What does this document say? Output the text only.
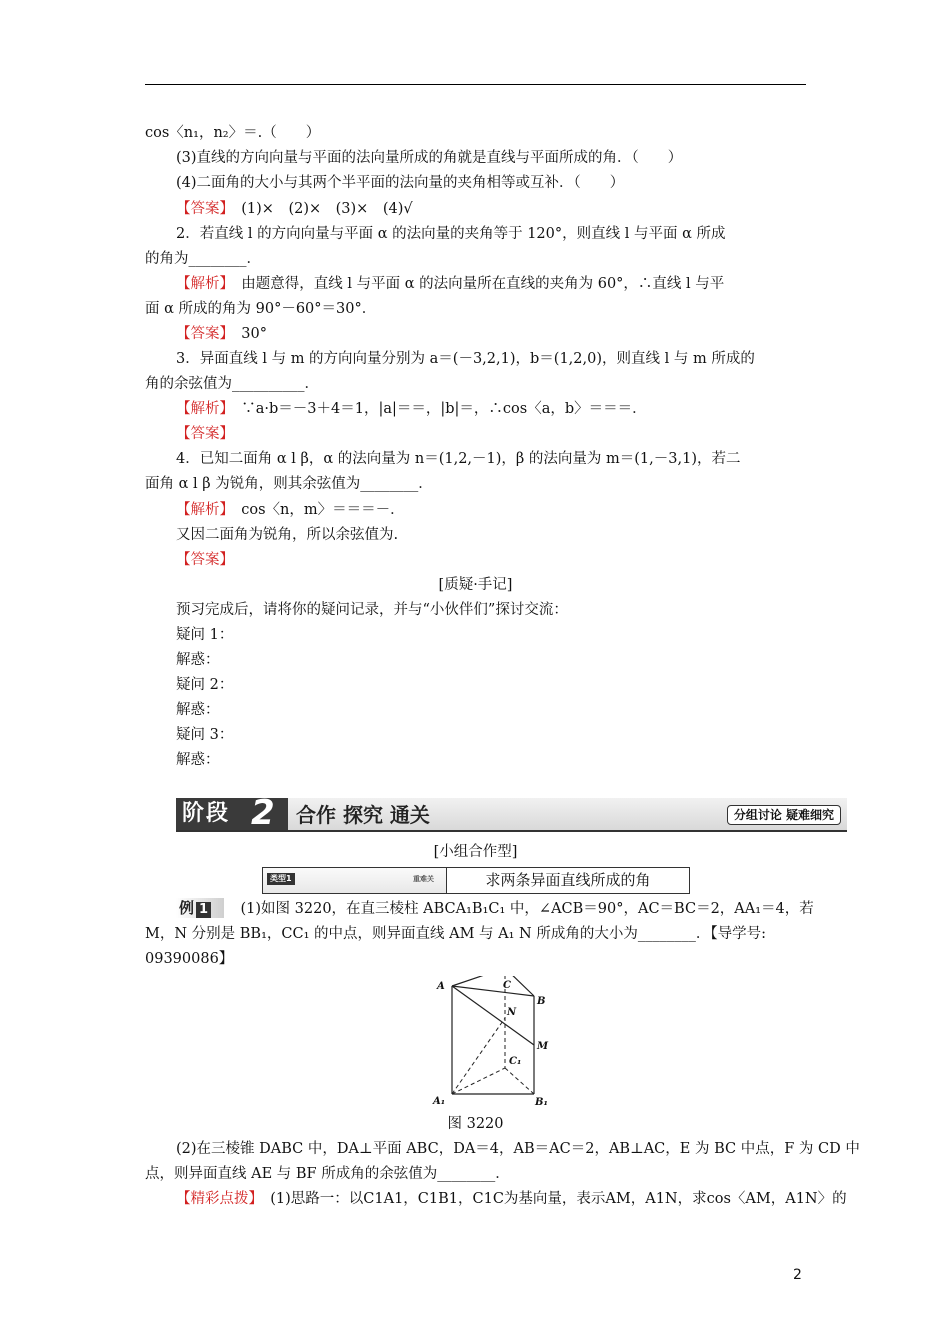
cos〈n₁，n₂〉＝.（　　）
(3)直线的方向向量与平面的法向量所成的角就是直线与平面所成的角．（　　）
(4)二面角的大小与其两个半平面的法向量的夹角相等或互补．（　　）
【答案】　(1)×　(2)×　(3)×　(4)√
2．若直线 l 的方向向量与平面 α 的法向量的夹角等于 120°，则直线 l 与平面 α 所成
的角为________．
【解析】　由题意得，直线 l 与平面 α 的法向量所在直线的夹角为 60°，∴直线 l 与平
面 α 所成的角为 90°－60°＝30°．
【答案】　30°
3．异面直线 l 与 m 的方向向量分别为 a＝(－3,2,1)，b＝(1,2,0)，则直线 l 与 m 所成的
角的余弦值为__________．
【解析】　∵a·b＝－3＋4＝1，|a|＝＝，|b|＝，∴cos〈a，b〉＝＝＝．
【答案】
4．已知二面角 α l β，α 的法向量为 n＝(1,2,－1)，β 的法向量为 m＝(1,－3,1)，若二
面角 α l β 为锐角，则其余弦值为________．
【解析】　cos〈n，m〉＝＝＝－．
又因二面角为锐角，所以余弦值为.
【答案】
[质疑·手记]
预习完成后，请将你的疑问记录，并与“小伙伴们”探讨交流：
疑问 1：
解惑：
疑问 2：
解惑：
疑问 3：
解惑：
阶段 2 合作 探究 通关	分组讨论 疑难细究
[小组合作型]
类型1	重难关	求两条异面直线所成的角
例 1 　(1)如图 3220，在直三棱柱 ABCA₁B₁C₁ 中，∠ACB＝90°，AC＝BC＝2，AA₁＝4，若
M，N 分别是 BB₁，CC₁ 的中点，则异面直线 AM 与 A₁ N 所成角的大小为________．【导学号:
09390086】
C
A
B
N
M
C₁
A₁	B₁
图 3220
(2)在三棱锥 DABC 中，DA⊥平面 ABC，DA＝4，AB＝AC＝2，AB⊥AC，E 为 BC 中点，F 为 CD 中
点，则异面直线 AE 与 BF 所成角的余弦值为________．
【精彩点拨】　(1)思路一：以C1A1，C1B1，C1C为基向量，表示AM，A1N，求cos〈AM，A1N〉的
2
